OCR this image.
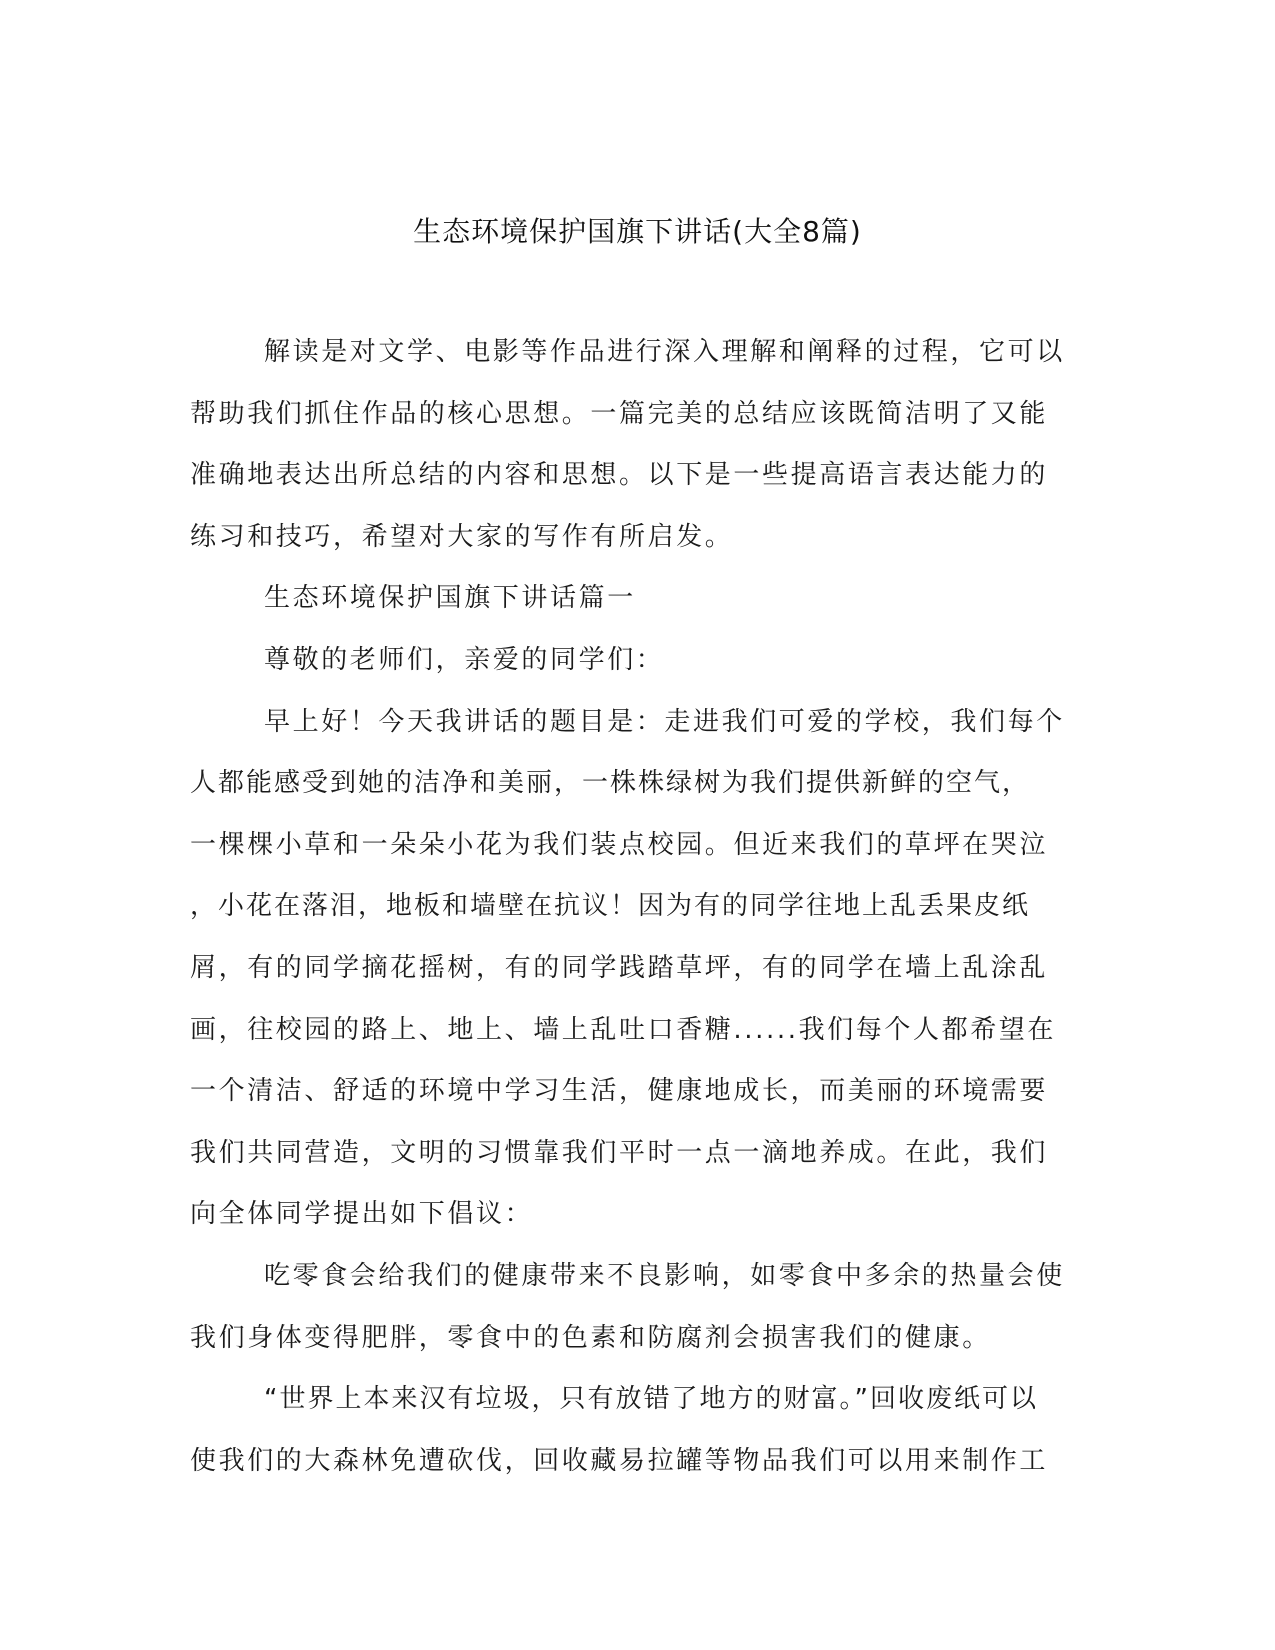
生态环境保护国旗下讲话(大全8篇)
解读是对文学、电影等作品进行深入理解和阐释的过程，它可以
帮助我们抓住作品的核心思想。一篇完美的总结应该既简洁明了又能
准确地表达出所总结的内容和思想。以下是一些提高语言表达能力的
练习和技巧，希望对大家的写作有所启发。
生态环境保护国旗下讲话篇一
尊敬的老师们，亲爱的同学们：
早上好！今天我讲话的题目是：走进我们可爱的学校，我们每个
人都能感受到她的洁净和美丽，一株株绿树为我们提供新鲜的空气，
一棵棵小草和一朵朵小花为我们装点校园。但近来我们的草坪在哭泣
，小花在落泪，地板和墙壁在抗议！因为有的同学往地上乱丢果皮纸
屑，有的同学摘花摇树，有的同学践踏草坪，有的同学在墙上乱涂乱
画，往校园的路上、地上、墙上乱吐口香糖......我们每个人都希望在
一个清洁、舒适的环境中学习生活，健康地成长，而美丽的环境需要
我们共同营造，文明的习惯靠我们平时一点一滴地养成。在此，我们
向全体同学提出如下倡议：
吃零食会给我们的健康带来不良影响，如零食中多余的热量会使
我们身体变得肥胖，零食中的色素和防腐剂会损害我们的健康。
“世界上本来汉有垃圾，只有放错了地方的财富。”回收废纸可以
使我们的大森林免遭砍伐，回收藏易拉罐等物品我们可以用来制作工
